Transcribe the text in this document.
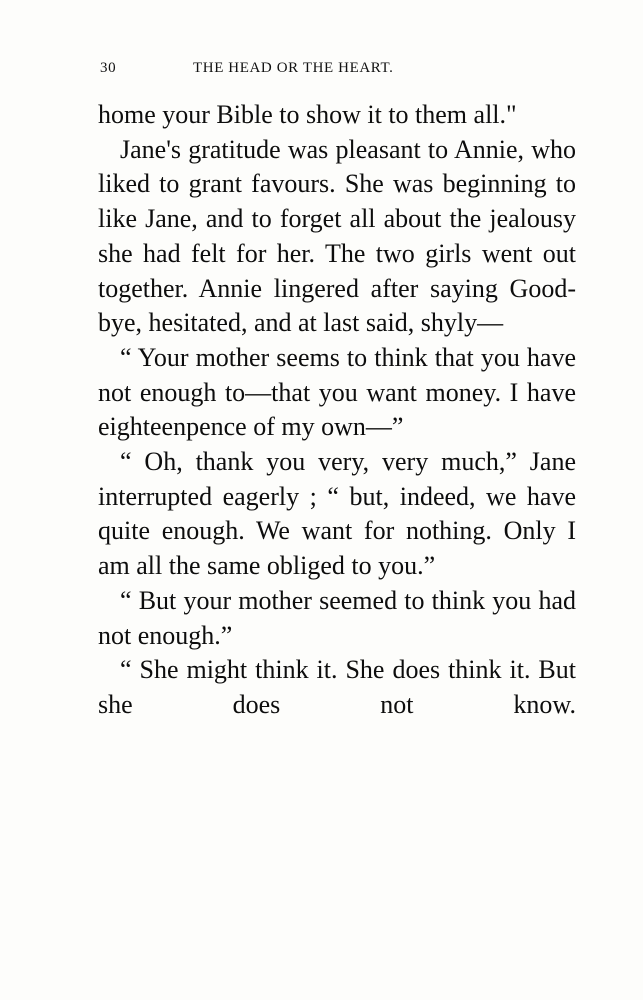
30	THE HEAD OR THE HEART.

home your Bible to show it to them all."

Jane's gratitude was pleasant to Annie, who liked to grant favours. She was beginning to like Jane, and to forget all about the jealousy she had felt for her. The two girls went out together. Annie lingered after saying Good-bye, hesitated, and at last said, shyly—

“ Your mother seems to think that you have not enough to—that you want money. I have eighteenpence of my own—”

“ Oh, thank you very, very much,” Jane interrupted eagerly ; “ but, indeed, we have quite enough. We want for nothing. Only I am all the same obliged to you.”

“ But your mother seemed to think you had not enough.”

“ She might think it. She does think it. But she does not know.
